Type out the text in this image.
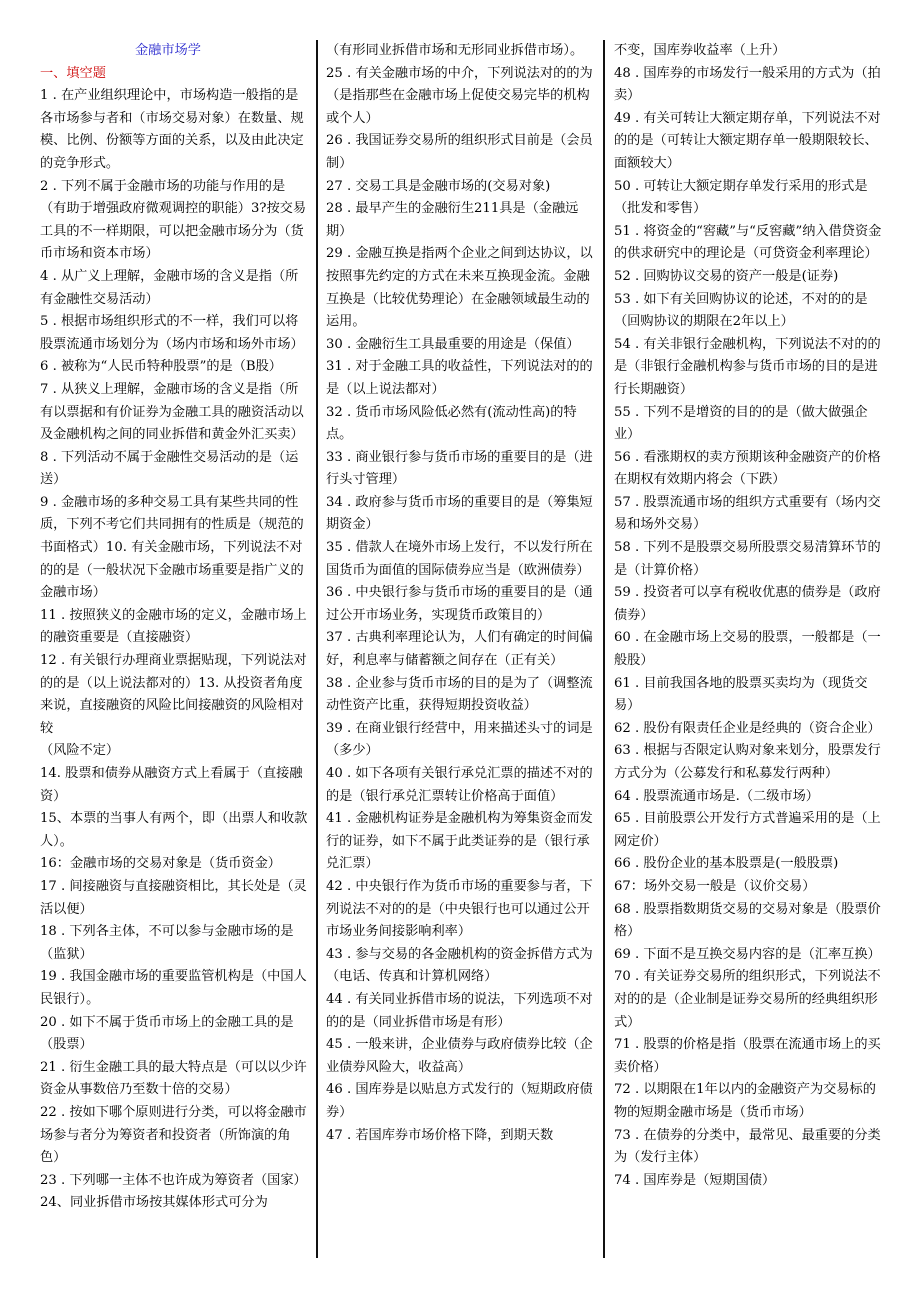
金融市场学
一、填空题
1 . 在产业组织理论中，市场构造一般指的是各市场参与者和（市场交易对象）在数量、规模、比例、份额等方面的关系，以及由此决定的竞争形式。
2 . 下列不属于金融市场的功能与作用的是（有助于增强政府微观调控的职能）3?按交易工具的不一样期限，可以把金融市场分为（货币市场和资本市场）
4 . 从广义上理解，金融市场的含义是指（所有金融性交易活动）
5 . 根据市场组织形式的不一样，我们可以将股票流通市场划分为（场内市场和场外市场）
6 . 被称为“人民币特种股票”的是（B股）
7 . 从狭义上理解，金融市场的含义是指（所有以票据和有价证券为金融工具的融资活动以及金融机构之间的同业拆借和黄金外汇买卖）
8 . 下列活动不属于金融性交易活动的是（运送）
9 . 金融市场的多种交易工具有某些共同的性质，下列不考它们共同拥有的性质是（规范的书面格式）10. 有关金融市场，下列说法不对的的是（一般状况下金融市场重要是指广义的金融市场）
11 . 按照狭义的金融市场的定义，金融市场上的融资重要是（直接融资）
12 . 有关银行办理商业票据贴现，下列说法对的的是（以上说法都对的）13. 从投资者角度来说，直接融资的风险比间接融资的风险相对较
（风险不定）
14. 股票和债券从融资方式上看属于（直接融资）
15、本票的当事人有两个，即（出票人和收款人）。
16：金融市场的交易对象是（货币资金）
17 . 间接融资与直接融资相比，其长处是（灵活以便）
18 . 下列各主体，不可以参与金融市场的是（监狱）
19 . 我国金融市场的重要监管机构是（中国人民银行）。
20 . 如下不属于货币市场上的金融工具的是（股票）
21 . 衍生金融工具的最大特点是（可以以少许资金从事数倍乃至数十倍的交易）
22 . 按如下哪个原则进行分类，可以将金融市场参与者分为筹资者和投资者（所饰演的角色）
23 . 下列哪一主体不也许成为筹资者（国家）
24、同业拆借市场按其媒体形式可分为
（有形同业拆借市场和无形同业拆借市场）。
25 . 有关金融市场的中介，下列说法对的的为（是指那些在金融市场上促使交易完毕的机构或个人）
26 . 我国证券交易所的组织形式目前是（会员制）
27 . 交易工具是金融市场的(交易对象)
28 . 最早产生的金融衍生211具是（金融远期）
29 . 金融互换是指两个企业之间到达协议，以按照事先约定的方式在未来互换现金流。金融互换是（比较优势理论）在金融领域最生动的运用。
30 . 金融衍生工具最重要的用途是（保值）
31 . 对于金融工具的收益性，下列说法对的的是（以上说法都对）
32 . 货币市场风险低必然有(流动性高)的特点。
33 . 商业银行参与货币市场的重要目的是（进行头寸管理）
34 . 政府参与货币市场的重要目的是（筹集短期资金）
35 . 借款人在境外市场上发行，不以发行所在国货币为面值的国际债券应当是（欧洲债券）
36 . 中央银行参与货币市场的重要目的是（通过公开市场业务，实现货币政策目的）
37 . 古典利率理论认为，人们有确定的时间偏好，利息率与储蓄额之间存在（正有关）
38 . 企业参与货币市场的目的是为了（调整流动性资产比重，获得短期投资收益）
39 . 在商业银行经营中，用来描述头寸的词是（多少）
40 . 如下各项有关银行承兑汇票的描述不对的的是（银行承兑汇票转让价格高于面值）
41 . 金融机构证券是金融机构为筹集资金而发行的证券，如下不属于此类证券的是（银行承兑汇票）
42 . 中央银行作为货币市场的重要参与者，下列说法不对的的是（中央银行也可以通过公开市场业务间接影响利率）
43 . 参与交易的各金融机构的资金拆借方式为（电话、传真和计算机网络）
44 . 有关同业拆借市场的说法，下列选项不对的的是（同业拆借市场是有形）
45 . 一般来讲，企业债券与政府债券比较（企业债券风险大，收益高）
46 . 国库券是以贴息方式发行的（短期政府债券）
47 . 若国库券市场价格下降，到期天数
不变，国库券收益率（上升）
48 . 国库券的市场发行一般采用的方式为（拍卖）
49 . 有关可转让大额定期存单，下列说法不对的的是（可转让大额定期存单一般期限较长、面额较大）
50 . 可转让大额定期存单发行采用的形式是（批发和零售）
51 . 将资金的“窖藏”与“反窖藏”纳入借贷资金的供求研究中的理论是（可贷资金利率理论）
52 . 回购协议交易的资产一般是(证券)
53 . 如下有关回购协议的论述，不对的的是（回购协议的期限在2年以上）
54 . 有关非银行金融机构，下列说法不对的的是（非银行金融机构参与货币市场的目的是进行长期融资）
55 . 下列不是增资的目的的是（做大做强企业）
56 . 看涨期权的卖方预期该种金融资产的价格在期权有效期内将会（下跌）
57 . 股票流通市场的组织方式重要有（场内交易和场外交易）
58 . 下列不是股票交易所股票交易清算环节的是（计算价格）
59 . 投资者可以享有税收优惠的债券是（政府债券）
60 . 在金融市场上交易的股票，一般都是（一般股）
61 . 目前我国各地的股票买卖均为（现货交易）
62 . 股份有限责任企业是经典的（资合企业）
63 . 根据与否限定认购对象来划分，股票发行方式分为（公募发行和私募发行两种）
64 . 股票流通市场是.（二级市场）
65 . 目前股票公开发行方式普遍采用的是（上网定价）
66 . 股份企业的基本股票是(一般股票)
67：场外交易一般是（议价交易）
68 . 股票指数期货交易的交易对象是（股票价格）
69 . 下面不是互换交易内容的是（汇率互换）
70 . 有关证券交易所的组织形式，下列说法不对的的是（企业制是证券交易所的经典组织形式）
71 . 股票的价格是指（股票在流通市场上的买卖价格）
72 . 以期限在1年以内的金融资产为交易标的物的短期金融市场是（货币市场）
73 . 在债券的分类中，最常见、最重要的分类为（发行主体）
74 . 国库券是（短期国债）
